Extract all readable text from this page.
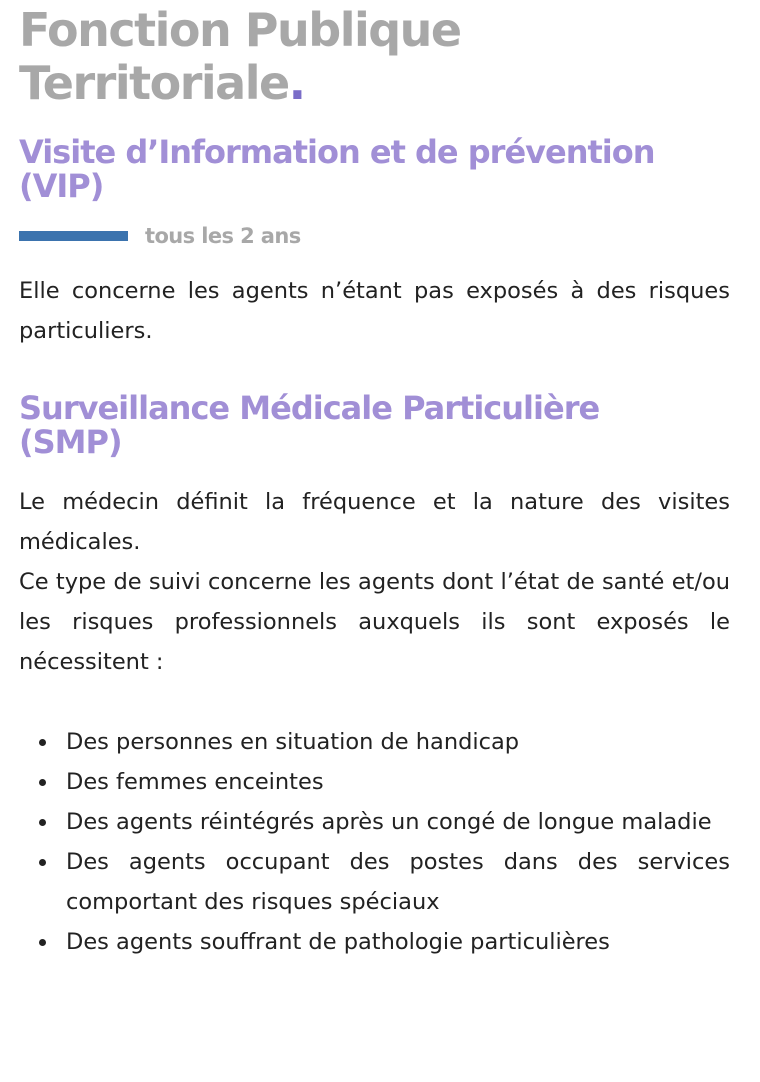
Fonction Publique
Territoriale.
Visite d’Information et de prévention
(VIP)
tous les 2 ans

Elle concerne les agents n’étant pas exposés à des risques particuliers.

Surveillance Médicale Particulière
(SMP)

Le médecin définit la fréquence et la nature des visites médicales.

Ce type de suivi concerne les agents dont l’état de santé et/ou les risques professionnels auxquels ils sont exposés le nécessitent :

Des personnes en situation de handicap
Des femmes enceintes
Des agents réintégrés après un congé de longue maladie
Des agents occupant des postes dans des services comportant des risques spéciaux
Des agents souffrant de pathologie particulières
